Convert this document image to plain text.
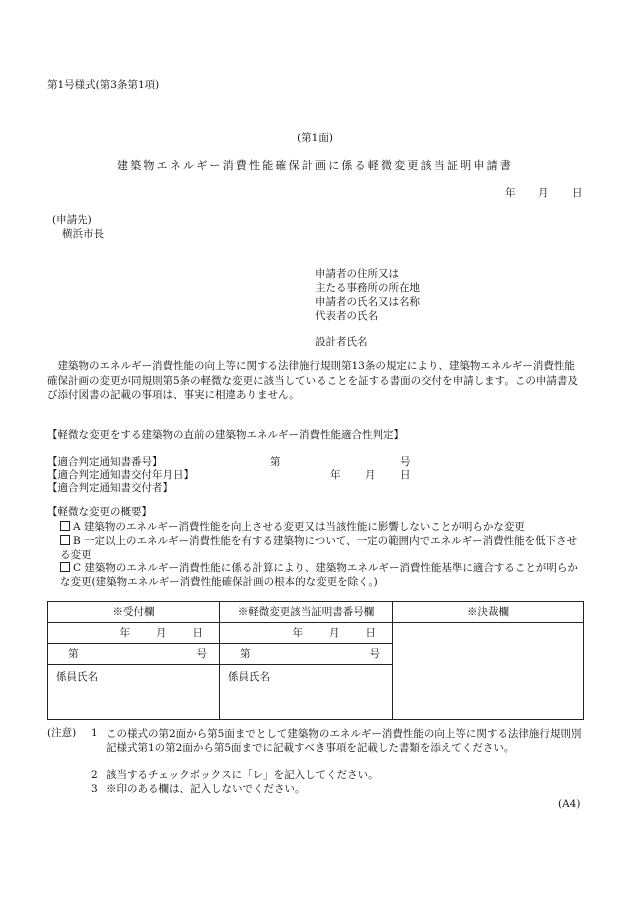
第1号様式(第3条第1項)
(第1面)
建築物エネルギー消費性能確保計画に係る軽微変更該当証明申請書
年 月 日
(申請先)
横浜市長
申請者の住所又は
主たる事務所の所在地
申請者の氏名又は名称
代表者の氏名
設計者氏名
　建築物のエネルギー消費性能の向上等に関する法律施行規則第13条の規定により、建築物エネルギー消費性能確保計画の変更が同規則第5条の軽微な変更に該当していることを証する書面の交付を申請します。この申請書及び添付図書の記載の事項は、事実に相違ありません。
【軽微な変更をする建築物の直前の建築物エネルギー消費性能適合性判定】
【適合判定通知書番号】	第	号
【適合判定通知書交付年月日】	年 月 日
【適合判定通知書交付者】
【軽微な変更の概要】
A 建築物のエネルギー消費性能を向上させる変更又は当該性能に影響しないことが明らかな変更
B 一定以上のエネルギー消費性能を有する建築物について、一定の範囲内でエネルギー消費性能を低下させる変更
C 建築物のエネルギー消費性能に係る計算により、建築物エネルギー消費性能基準に適合することが明らかな変更(建築物エネルギー消費性能確保計画の根本的な変更を除く。)
※受付欄	※軽微変更該当証明書番号欄	※決裁欄

年 月 日	年 月 日	

第 号	第 号	

係員氏名	係員氏名	
(注意) 1 この様式の第2面から第5面までとして建築物のエネルギー消費性能の向上等に関する法律施行規則別記様式第1の第2面から第5面までに記載すべき事項を記載した書類を添えてください。
2 該当するチェックボックスに「レ」を記入してください。
3 ※印のある欄は、記入しないでください。
(A4)
